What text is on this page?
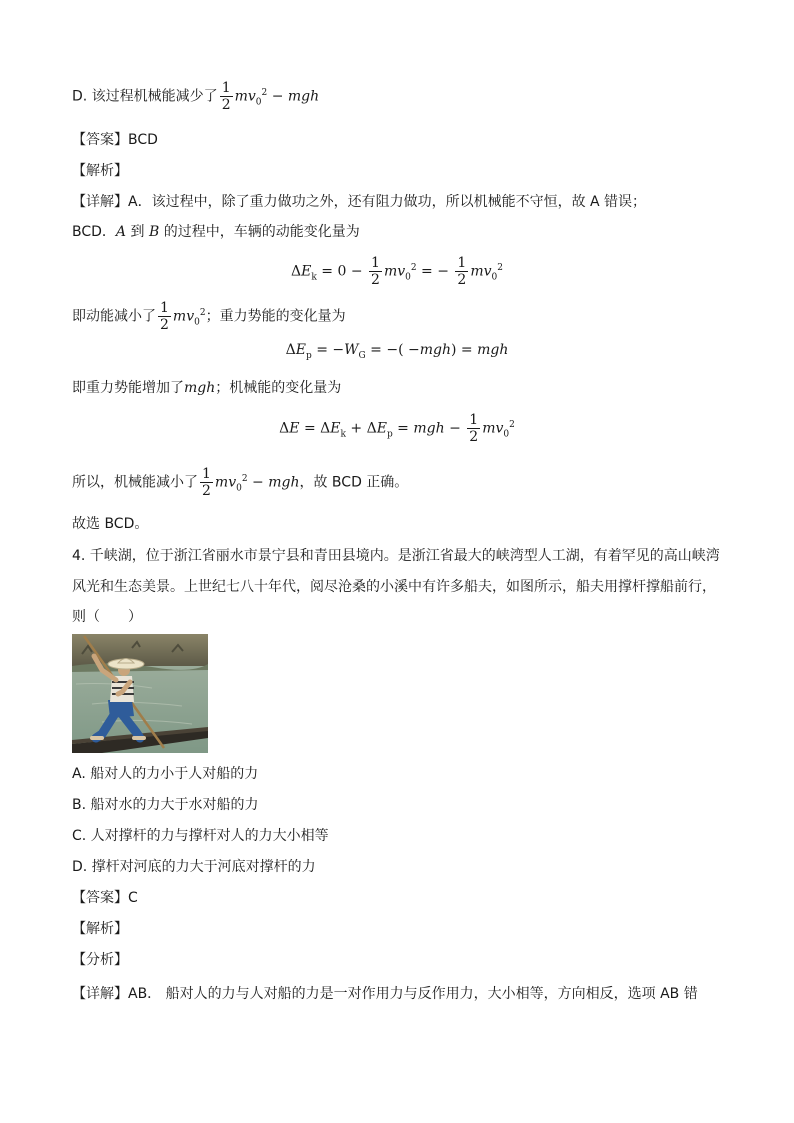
D. 该过程机械能减少了 $\frac{1}{2} mv_0^2$ − mgh
【答案】BCD
【解析】
【详解】A．该过程中，除了重力做功之外，还有阻力做功，所以机械能不守恒，故 A 错误；
BCD．A 到 B 的过程中，车辆的动能变化量为
$\Delta E_k = 0 - \frac{1}{2} mv_0^2$ = − $\frac{1}{2} mv_0^2$
即动能减小了 $\frac{1}{2} mv_0^2$；重力势能的变化量为
$\Delta E_p = -W_G$ = −( −mgh) = mgh
即重力势能增加了mgh；机械能的变化量为
$\Delta E = \Delta E_k + \Delta E_p$ = mgh − $\frac{1}{2} mv_0^2$
所以，机械能减小了 $\frac{1}{2} mv_0^2$ − mgh，故 BCD 正确。
故选 BCD。
4. 千峡湖，位于浙江省丽水市景宁县和青田县境内。是浙江省最大的峡湾型人工湖，有着罕见的高山峡湾
风光和生态美景。上世纪七八十年代，阅尽沧桑的小溪中有许多船夫，如图所示，船夫用撑杆撑船前行，
则（　　）
A. 船对人的力小于人对船的力
B. 船对水的力大于水对船的力
C. 人对撑杆的力与撑杆对人的力大小相等
D. 撑杆对河底的力大于河底对撑杆的力
【答案】C
【解析】
【分析】
【详解】AB． 船对人的力与人对船的力是一对作用力与反作用力，大小相等，方向相反，选项 AB 错
